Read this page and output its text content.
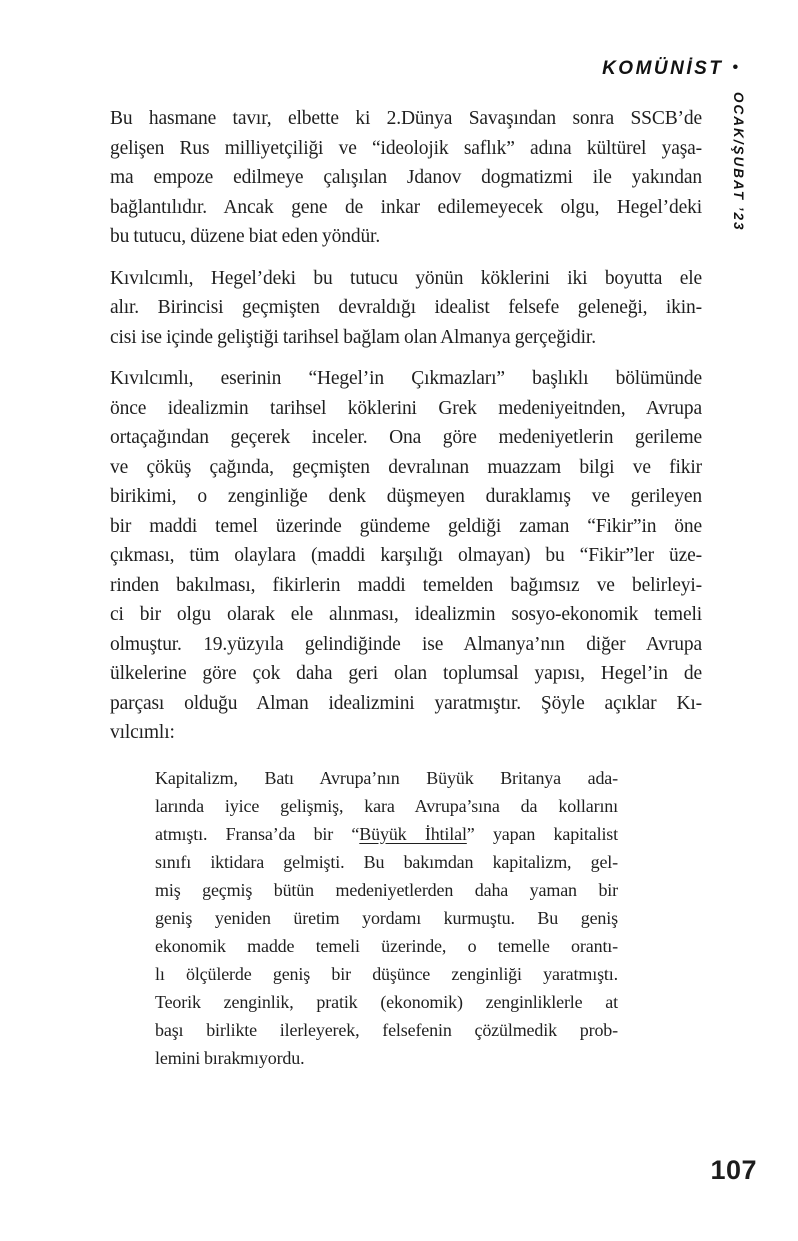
KOMÜNİST •
OCAK/ŞUBAT ’23
Bu hasmane tavır, elbette ki 2.Dünya Savaşından sonra SSCB’de
gelişen Rus milliyetçiliği ve “ideolojik saflık” adına kültürel yaşa-
ma empoze edilmeye çalışılan Jdanov dogmatizmi ile yakından
bağlantılıdır. Ancak gene de inkar edilemeyecek olgu, Hegel’deki
bu tutucu, düzene biat eden yöndür.
Kıvılcımlı, Hegel’deki bu tutucu yönün köklerini iki boyutta ele
alır. Birincisi geçmişten devraldığı idealist felsefe geleneği, ikin-
cisi ise içinde geliştiği tarihsel bağlam olan Almanya gerçeğidir.
Kıvılcımlı, eserinin “Hegel’in Çıkmazları” başlıklı bölümünde
önce idealizmin tarihsel köklerini Grek medeniyeitnden, Avrupa
ortaçağından geçerek inceler. Ona göre medeniyetlerin gerileme
ve çöküş çağında, geçmişten devralınan muazzam bilgi ve fikir
birikimi, o zenginliğe denk düşmeyen duraklamış ve gerileyen
bir maddi temel üzerinde gündeme geldiği zaman “Fikir”in öne
çıkması, tüm olaylara (maddi karşılığı olmayan) bu “Fikir”ler üze-
rinden bakılması, fikirlerin maddi temelden bağımsız ve belirleyi-
ci bir olgu olarak ele alınması, idealizmin sosyo-ekonomik temeli
olmuştur. 19.yüzyıla gelindiğinde ise Almanya’nın diğer Avrupa
ülkelerine göre çok daha geri olan toplumsal yapısı, Hegel’in de
parçası olduğu Alman idealizmini yaratmıştır. Şöyle açıklar Kı-
vılcımlı:
Kapitalizm, Batı Avrupa’nın Büyük Britanya ada-
larında iyice gelişmiş, kara Avrupa’sına da kollarını
atmıştı. Fransa’da bir “Büyük İhtilal” yapan kapitalist
sınıfı iktidara gelmişti. Bu bakımdan kapitalizm, gel-
miş geçmiş bütün medeniyetlerden daha yaman bir
geniş yeniden üretim yordamı kurmuştu. Bu geniş
ekonomik madde temeli üzerinde, o temelle orantı-
lı ölçülerde geniş bir düşünce zenginliği yaratmıştı.
Teorik zenginlik, pratik (ekonomik) zenginliklerle at
başı birlikte ilerleyerek, felsefenin çözülmedik prob-
lemini bırakmıyordu.
107
